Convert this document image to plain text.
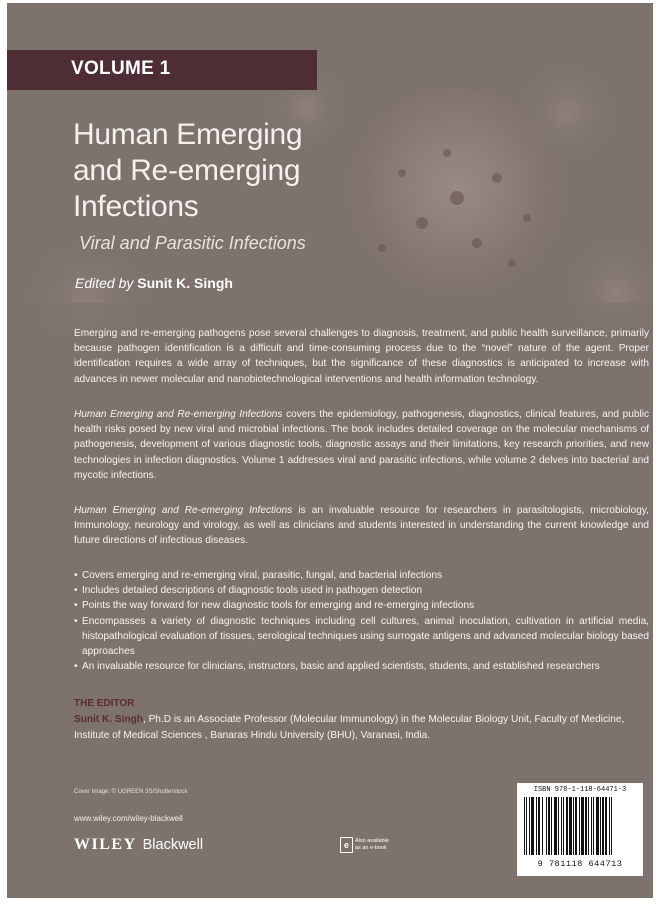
VOLUME 1
Human Emerging
and Re-emerging
Infections
Viral and Parasitic Infections
Edited by Sunit K. Singh
Emerging and re-emerging pathogens pose several challenges to diagnosis, treatment, and public health surveillance, primarily because pathogen identification is a difficult and time-consuming process due to the “novel” nature of the agent. Proper identification requires a wide array of techniques, but the significance of these diagnostics is anticipated to increase with advances in newer molecular and nanobiotechnological interventions and health information technology.
Human Emerging and Re-emerging Infections covers the epidemiology, pathogenesis, diagnostics, clinical features, and public health risks posed by new viral and microbial infections. The book includes detailed coverage on the molecular mechanisms of pathogenesis, development of various diagnostic tools, diagnostic assays and their limitations, key research priorities, and new technologies in infection diagnostics. Volume 1 addresses viral and parasitic infections, while volume 2 delves into bacterial and mycotic infections.
Human Emerging and Re-emerging Infections is an invaluable resource for researchers in parasitologists, microbiology, Immunology, neurology and virology, as well as clinicians and students interested in understanding the current knowledge and future directions of infectious diseases.
• Covers emerging and re-emerging viral, parasitic, fungal, and bacterial infections
• Includes detailed descriptions of diagnostic tools used in pathogen detection
• Points the way forward for new diagnostic tools for emerging and re-emerging infections
• Encompasses a variety of diagnostic techniques including cell cultures, animal inoculation, cultivation in artificial media, histopathological evaluation of tissues, serological techniques using surrogate antigens and advanced molecular biology based approaches
• An invaluable resource for clinicians, instructors, basic and applied scientists, students, and established researchers
THE EDITOR
Sunit K. Singh, Ph.D is an Associate Professor (Molecular Immunology) in the Molecular Biology Unit, Faculty of Medicine, Institute of Medical Sciences , Banaras Hindu University (BHU), Varanasi, India.
Cover Image: © UGREEN 3S/Shutterstock
www.wiley.com/wiley-blackwell
WILEY Blackwell	e	Also available
as an e-book
ISBN 978-1-118-64471-3
9 781118 644713
